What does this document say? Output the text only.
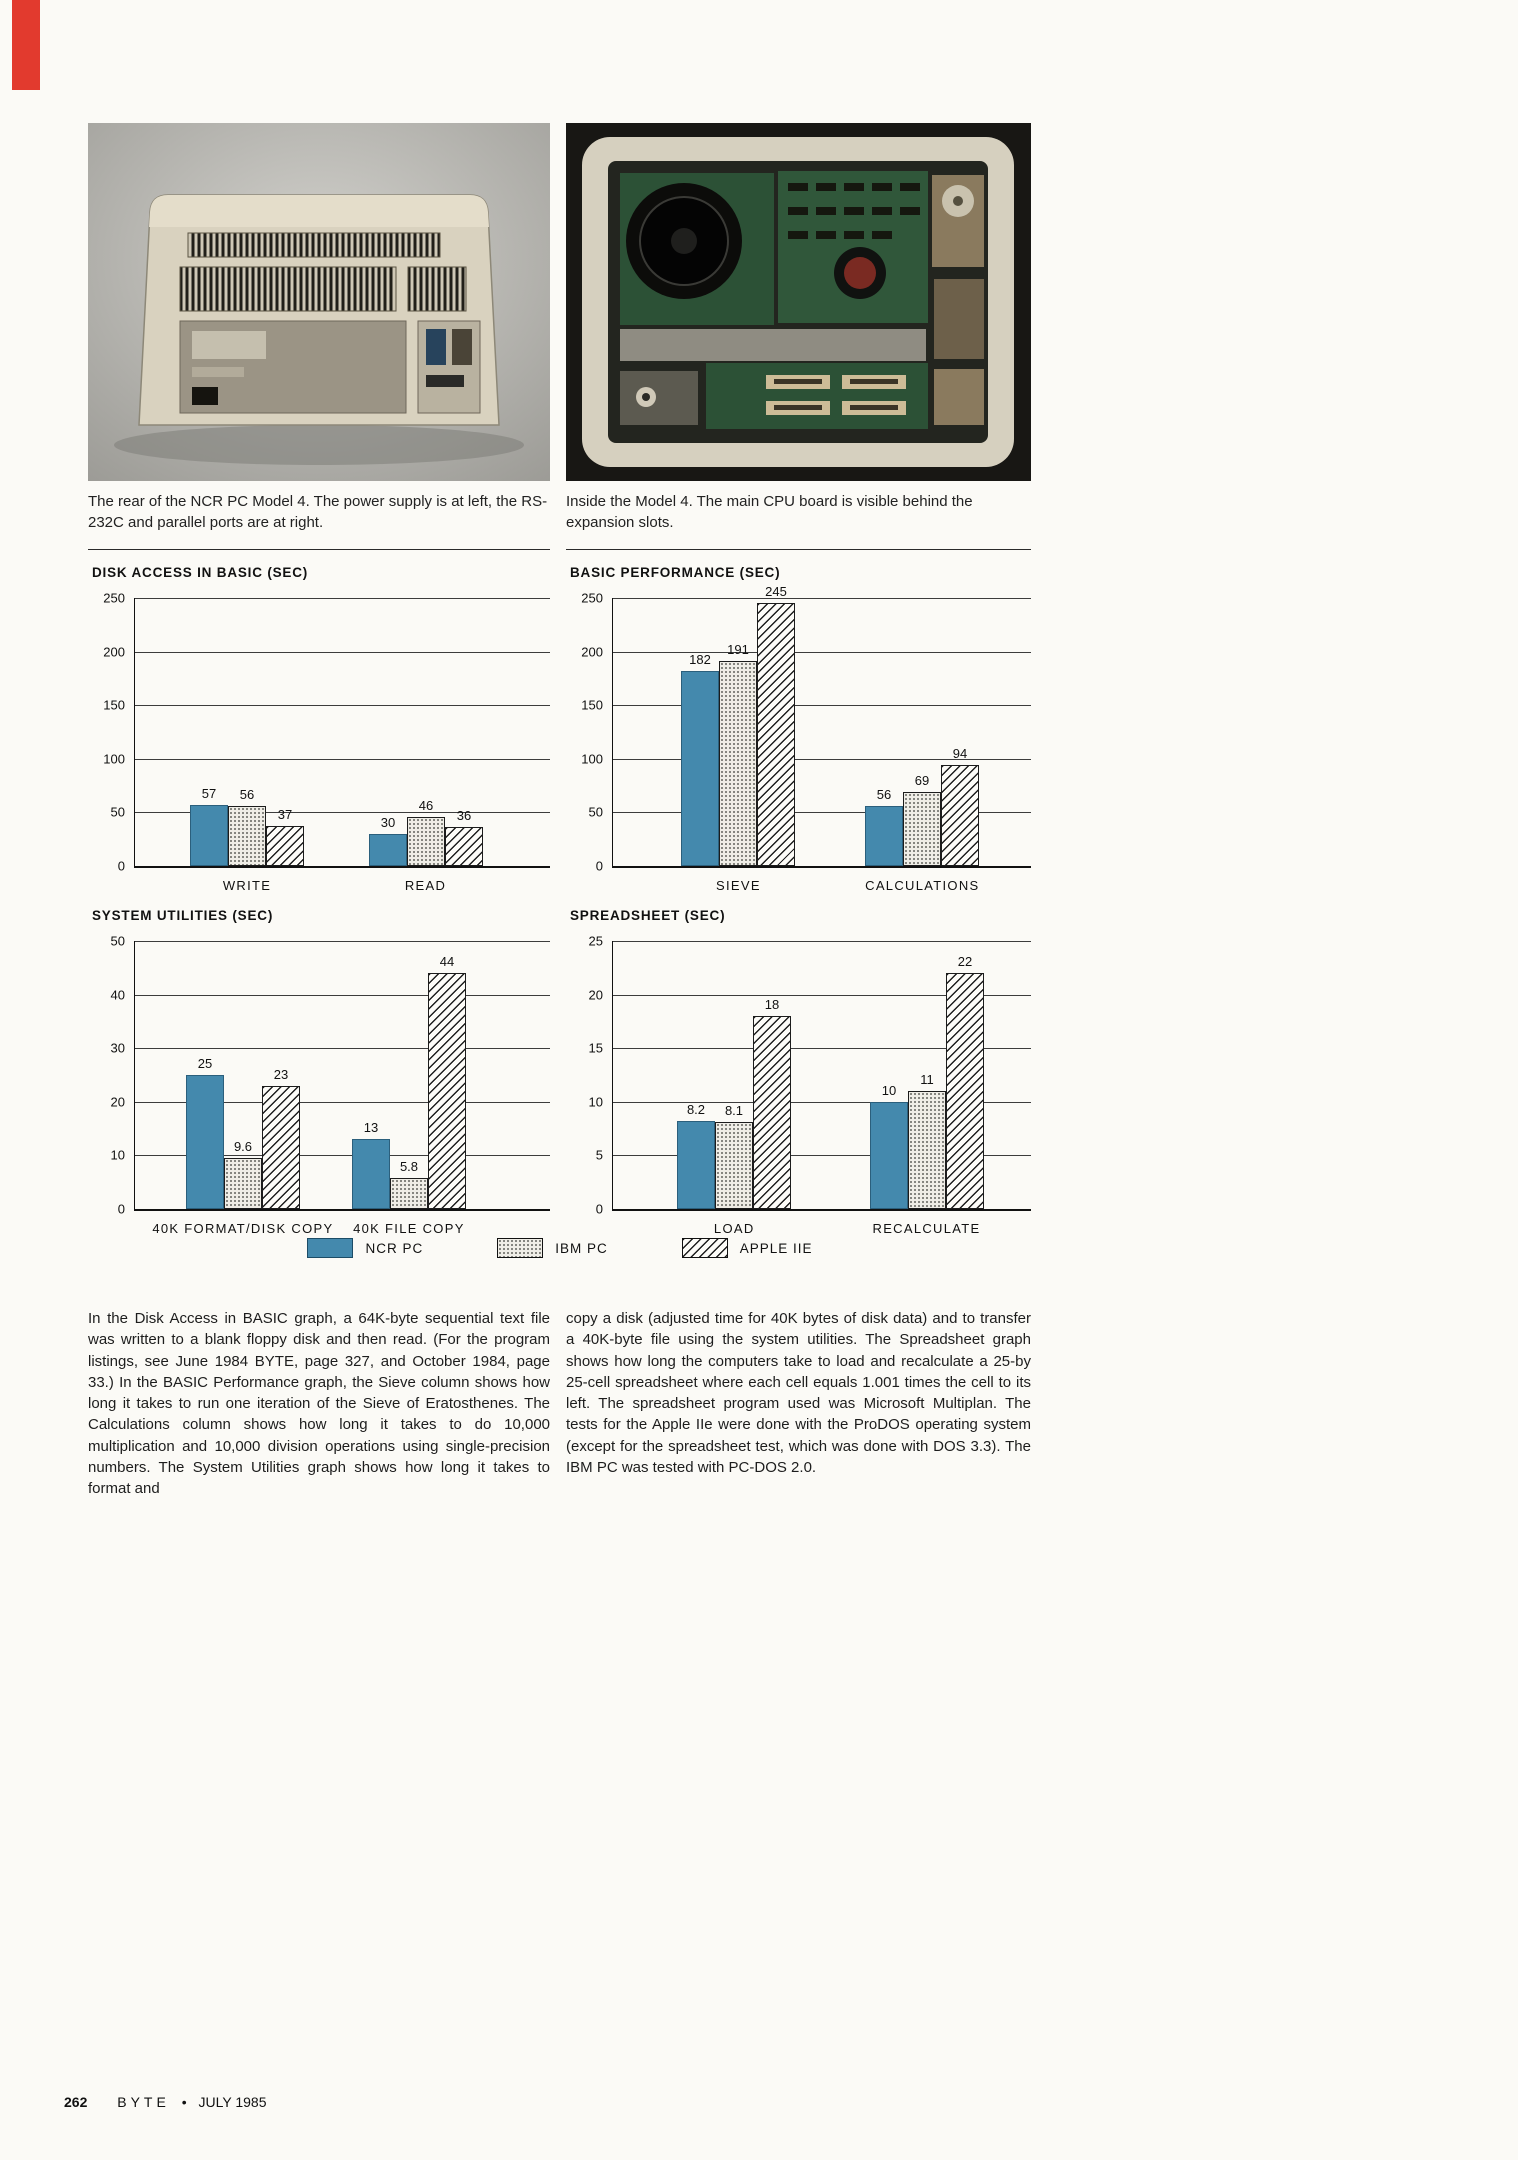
The rear of the NCR PC Model 4. The power supply is at left, the RS-232C and parallel ports are at right.
Inside the Model 4. The main CPU board is visible behind the expansion slots.
DISK ACCESS IN BASIC (SEC)
0
50
100
150
200
250
WRITE
57	56
37
READ
30
46
36
BASIC PERFORMANCE (SEC)
0
50
100
150
200
250
SIEVE
182
191
245
CALCULATIONS
56
69
94
SYSTEM UTILITIES (SEC)
0
10
20
30
40
50
40K FORMAT/DISK COPY
25
9.6
23
40K FILE COPY
13
5.8
44
SPREADSHEET (SEC)
0
5
10
15
20
25
LOAD
8.2	8.1
18
RECALCULATE
10
11
22
NCR PC	IBM PC	APPLE IIE
In the Disk Access in BASIC graph, a 64K-byte sequential text file was written to a blank floppy disk and then read. (For the program listings, see June 1984 BYTE, page 327, and October 1984, page 33.) In the BASIC Performance graph, the Sieve column shows how long it takes to run one iteration of the Sieve of Eratosthenes. The Calculations column shows how long it takes to do 10,000 multiplication and 10,000 division operations using single-precision numbers. The System Utilities graph shows how long it takes to format and
copy a disk (adjusted time for 40K bytes of disk data) and to transfer a 40K-byte file using the system utilities. The Spreadsheet graph shows how long the computers take to load and recalculate a 25-by 25-cell spreadsheet where each cell equals 1.001 times the cell to its left. The spreadsheet program used was Microsoft Multiplan. The tests for the Apple IIe were done with the ProDOS operating system (except for the spreadsheet test, which was done with DOS 3.3). The IBM PC was tested with PC-DOS 2.0.
262 BYTE • JULY 1985
